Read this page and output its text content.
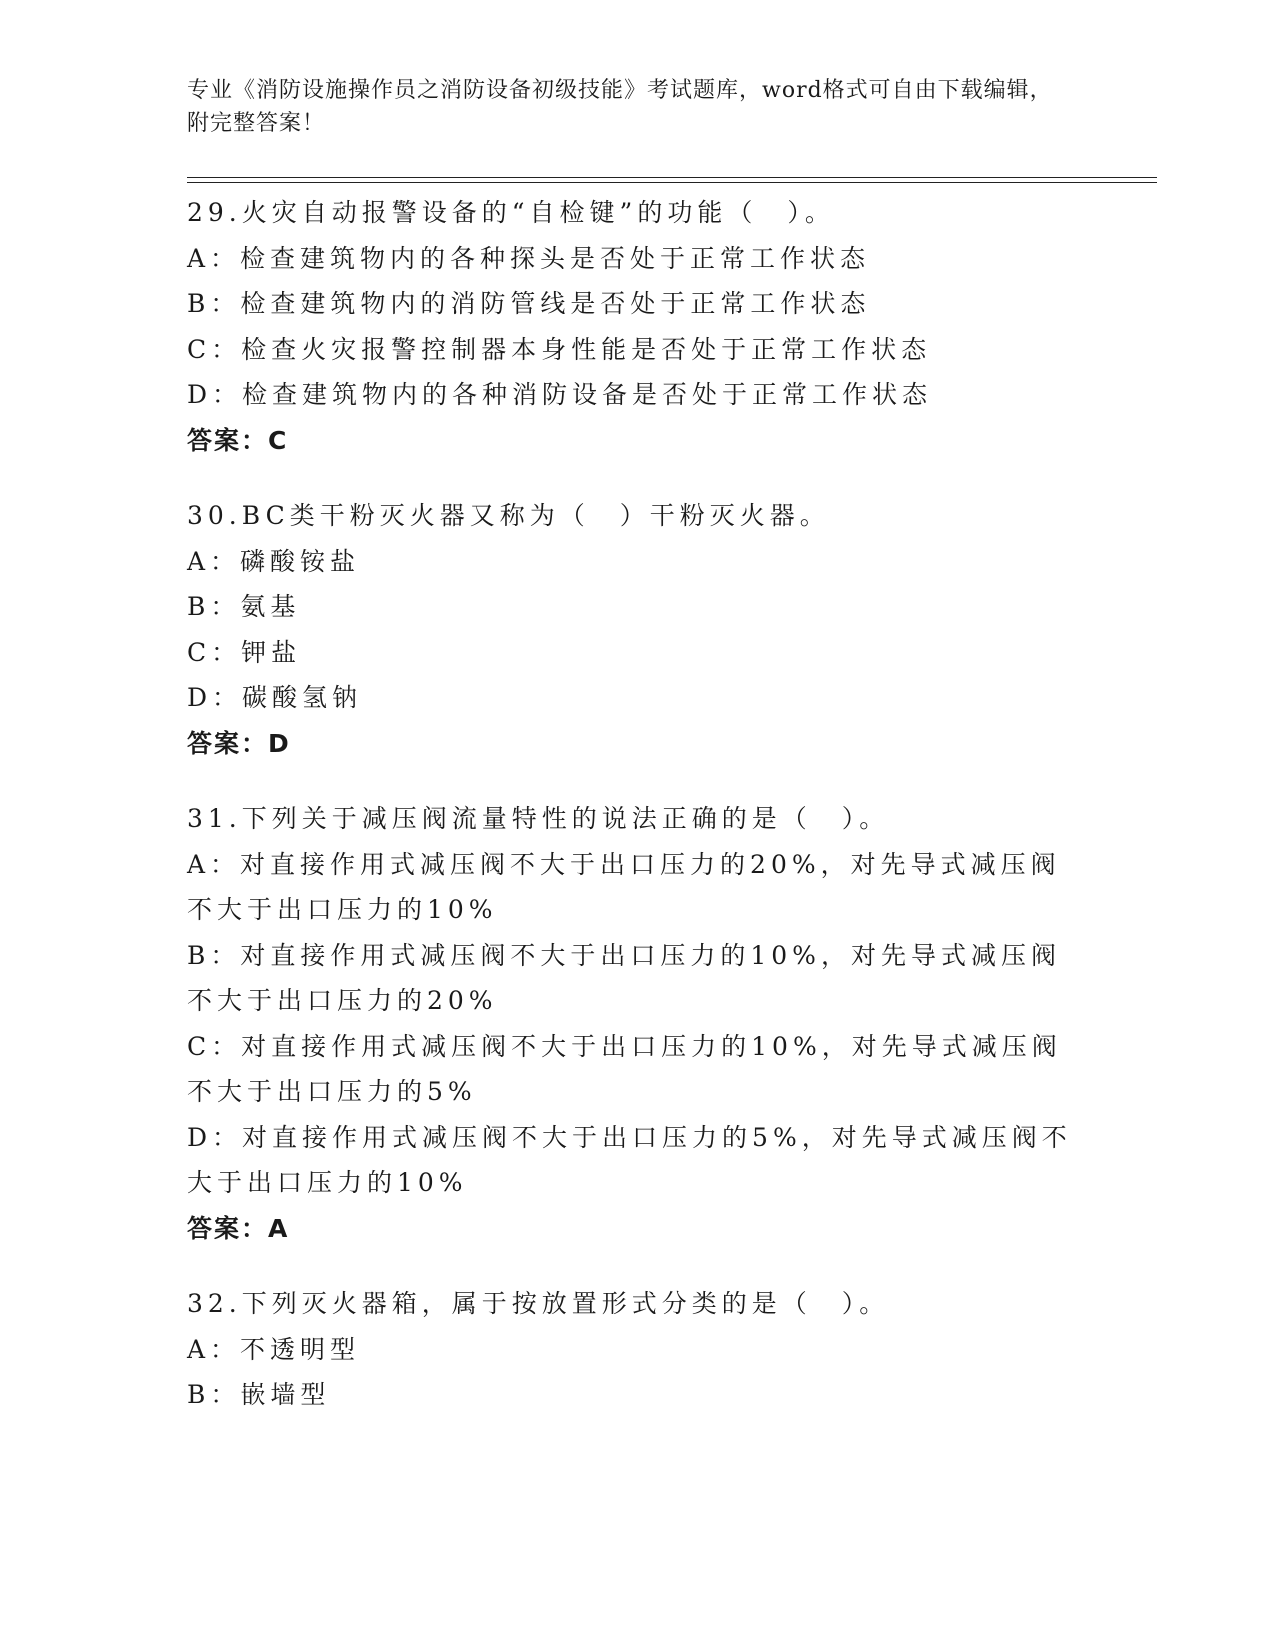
专业《消防设施操作员之消防设备初级技能》考试题库，word格式可自由下载编辑，附完整答案！
29.火灾自动报警设备的“自检键”的功能（　）。
A：检查建筑物内的各种探头是否处于正常工作状态
B：检查建筑物内的消防管线是否处于正常工作状态
C：检查火灾报警控制器本身性能是否处于正常工作状态
D：检查建筑物内的各种消防设备是否处于正常工作状态
答案：C
30.BC类干粉灭火器又称为（　）干粉灭火器。
A：磷酸铵盐
B：氨基
C：钾盐
D：碳酸氢钠
答案：D
31.下列关于减压阀流量特性的说法正确的是（　）。
A：对直接作用式减压阀不大于出口压力的20%，对先导式减压阀不大于出口压力的10%
B：对直接作用式减压阀不大于出口压力的10%，对先导式减压阀不大于出口压力的20%
C：对直接作用式减压阀不大于出口压力的10%，对先导式减压阀不大于出口压力的5%
D：对直接作用式减压阀不大于出口压力的5%，对先导式减压阀不大于出口压力的10%
答案：A
32.下列灭火器箱，属于按放置形式分类的是（　）。
A：不透明型
B：嵌墙型
